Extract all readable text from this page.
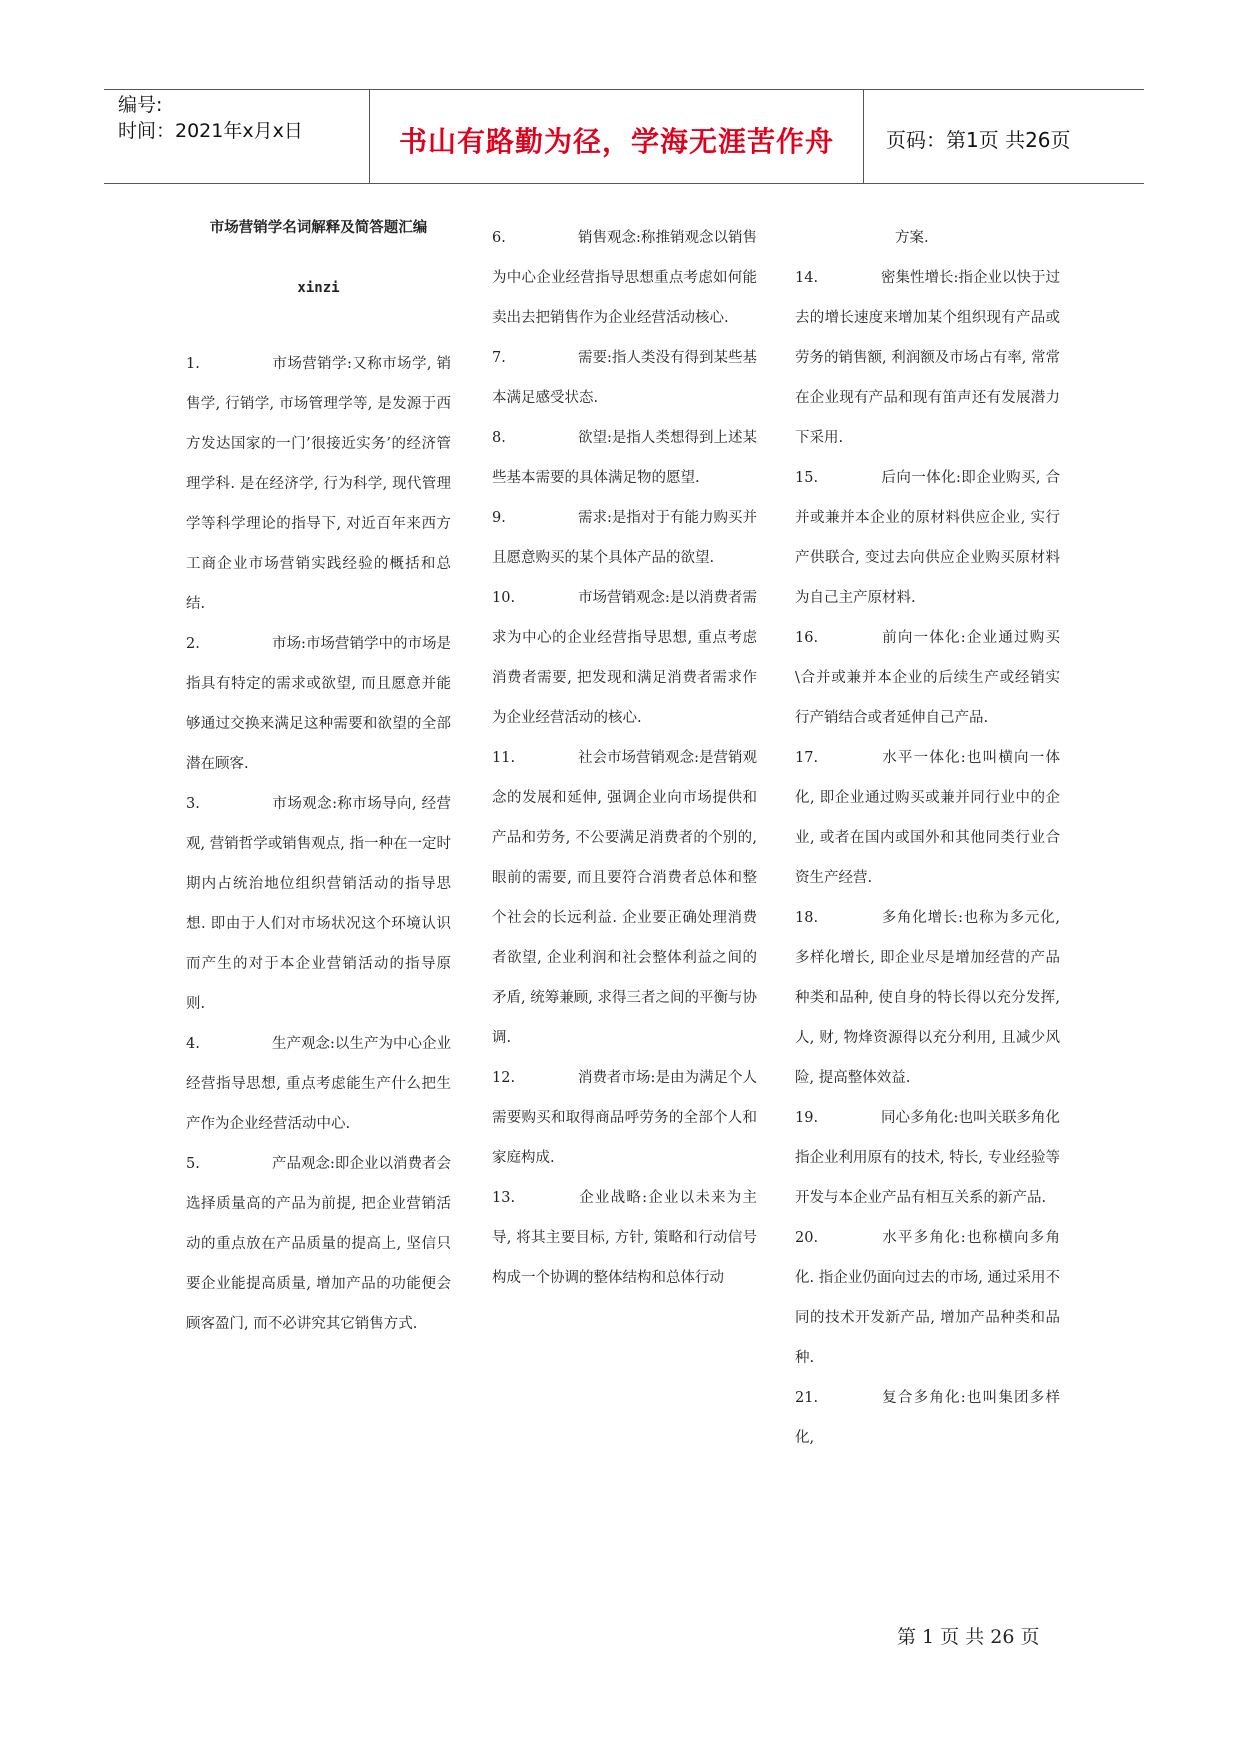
编号:
时间：2021年x月x日	书山有路勤为径，学海无涯苦作舟	页码：第1页 共26页
市场营销学名词解释及简答题汇编
xinzi
1.	市场营销学:又称市场学, 销售学, 行销学, 市场管理学等, 是发源于西方发达国家的一门’很接近实务’的经济管理学科. 是在经济学, 行为科学, 现代管理学等科学理论的指导下, 对近百年来西方工商企业市场营销实践经验的概括和总结.
2.	市场:市场营销学中的市场是指具有特定的需求或欲望, 而且愿意并能够通过交换来满足这种需要和欲望的全部潜在顾客.
3.	市场观念:称市场导向, 经营观, 营销哲学或销售观点, 指一种在一定时期内占统治地位组织营销活动的指导思想. 即由于人们对市场状况这个环境认识而产生的对于本企业营销活动的指导原则.
4.	生产观念:以生产为中心企业经营指导思想, 重点考虑能生产什么把生产作为企业经营活动中心.
5.	产品观念:即企业以消费者会选择质量高的产品为前提, 把企业营销活动的重点放在产品质量的提高上, 坚信只要企业能提高质量, 增加产品的功能便会顾客盈门, 而不必讲究其它销售方式.
6.	销售观念:称推销观念以销售为中心企业经营指导思想重点考虑如何能卖出去把销售作为企业经营活动核心.
7.	需要:指人类没有得到某些基本满足感受状态.
8.	欲望:是指人类想得到上述某些基本需要的具体满足物的愿望.
9.	需求:是指对于有能力购买并且愿意购买的某个具体产品的欲望.
10.	市场营销观念:是以消费者需求为中心的企业经营指导思想, 重点考虑消费者需要, 把发现和满足消费者需求作为企业经营活动的核心.
11.	社会市场营销观念:是营销观念的发展和延伸, 强调企业向市场提供和产品和劳务, 不公要满足消费者的个别的, 眼前的需要, 而且要符合消费者总体和整个社会的长远利益. 企业要正确处理消费者欲望, 企业利润和社会整体利益之间的矛盾, 统筹兼顾, 求得三者之间的平衡与协调.
12.	消费者市场:是由为满足个人需要购买和取得商品呼劳务的全部个人和家庭构成.
13.	企业战略:企业以未来为主导, 将其主要目标, 方针, 策略和行动信号构成一个协调的整体结构和总体行动
方案.
14.	密集性增长:指企业以快于过去的增长速度来增加某个组织现有产品或劳务的销售额, 利润额及市场占有率, 常常在企业现有产品和现有笛声还有发展潜力下采用.
15.	后向一体化:即企业购买, 合并或兼并本企业的原材料供应企业, 实行产供联合, 变过去向供应企业购买原材料为自己主产原材料.
16.	前向一体化:企业通过购买\合并或兼并本企业的后续生产或经销实行产销结合或者延伸自己产品.
17.	水平一体化:也叫横向一体化, 即企业通过购买或兼并同行业中的企业, 或者在国内或国外和其他同类行业合资生产经营.
18.	多角化增长:也称为多元化, 多样化增长, 即企业尽是增加经营的产品种类和品种, 使自身的特长得以充分发挥, 人, 财, 物烽资源得以充分利用, 且减少风险, 提高整体效益.
19.	同心多角化:也叫关联多角化指企业利用原有的技术, 特长, 专业经验等开发与本企业产品有相互关系的新产品.
20.	水平多角化:也称横向多角化. 指企业仍面向过去的市场, 通过采用不同的技术开发新产品, 增加产品种类和品种.
21.	复合多角化:也叫集团多样化,
第 1 页 共 26 页
